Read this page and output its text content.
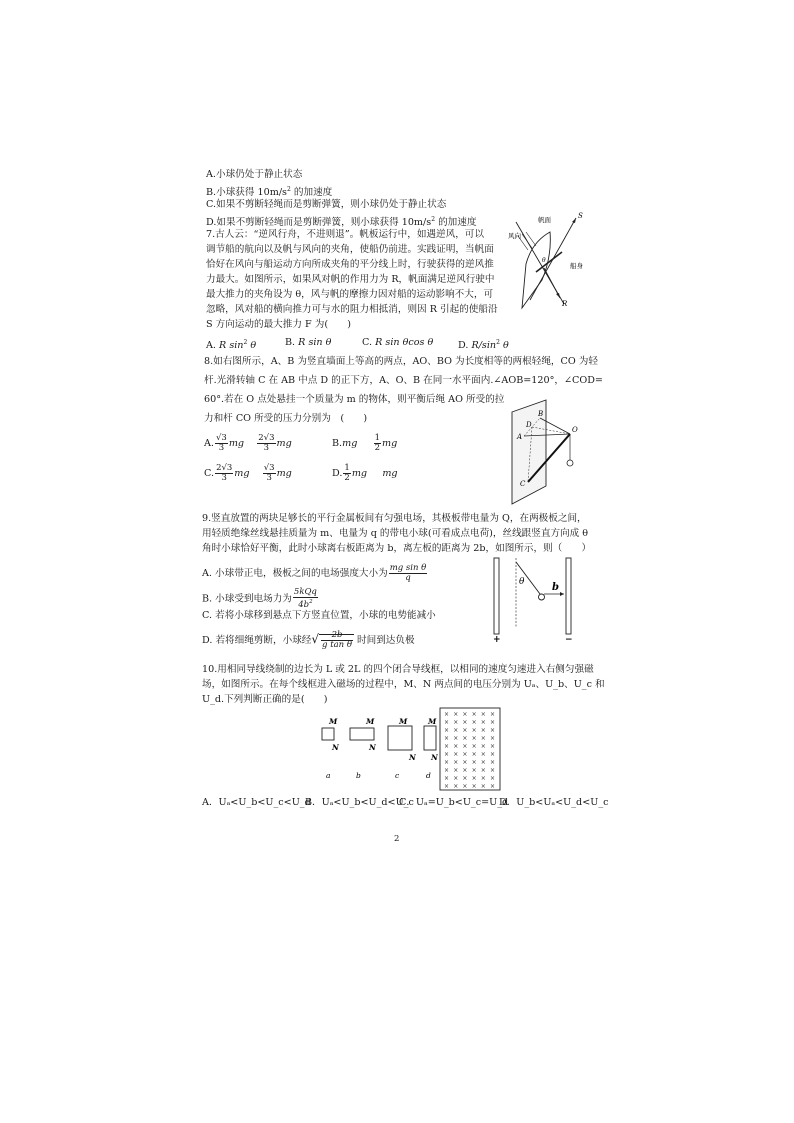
A.小球仍处于静止状态
B.小球获得 $10m/s^2$ 的加速度
C.如果不剪断轻绳而是剪断弹簧，则小球仍处于静止状态
D.如果不剪断轻绳而是剪断弹簧，则小球获得 $10m/s^2$ 的加速度
7.古人云：“逆风行舟，不进则退”。帆板运行中，如遇逆风，可以
调节船的航向以及帆与风向的夹角，使船仍前进。实践证明，当帆面
恰好在风向与船运动方向所成夹角的平分线上时，行驶获得的逆风推
力最大。如图所示，如果风对帆的作用力为 R，帆面满足逆风行驶中
最大推力的夹角设为 θ，风与帆的摩擦力因对船的运动影响不大，可
忽略，风对船的横向推力可与水的阻力相抵消，则因 R 引起的使船沿
S 方向运动的最大推力 F 为(　　)
A. R $\sin^2 \theta$	B. R sin θ	C. R sin θcos θ	D. $R/\sin^2$ θ
风向
帆面
船身
S
R
θ
8.如右图所示，A、B 为竖直墙面上等高的两点，AO、BO 为长度相等的两根轻绳，CO 为轻
杆.光滑转轴 C 在 AB 中点 D 的正下方，A、O、B 在同一水平面内.∠AOB=120°，∠COD=
60°.若在 O 点处悬挂一个质量为 m 的物体，则平衡后绳 AO 所受的拉
力和杆 CO 所受的压力分别为　(　　)
A. $\frac{√3}{3}$ mg $\frac{2√3}{3}$ mg	$B.mg \frac{1}{2}$ mg
C. $\frac{2√3}{3}$ mg $\frac{√3}{3}$ mg	D. $\frac{1}{2}$ mg mg
A
B
D
O
C
9.竖直放置的两块足够长的平行金属板间有匀强电场，其极板带电量为 Q，在两极板之间，
用轻质绝缘丝线悬挂质量为 m、电量为 q 的带电小球(可看成点电荷)，丝线跟竖直方向成 θ
角时小球恰好平衡，此时小球离右板距离为 b，离左板的距离为 2b，如图所示，则（　　）
A. 小球带正电，极板之间的电场强度大小为 $\frac{\text{mg sin θ}}{q}$
B. 小球受到电场力为 $\frac{\text{5kQq}}{4b^2}$
C. 若将小球移到悬点下方竖直位置，小球的电势能减小
D. 若将细绳剪断，小球经√ $\frac{2b}{\text{g tan θ}}$ 时间到达负极
θ	b
+	−
10.用相同导线绕制的边长为 L 或 2L 的四个闭合导线框，以相同的速度匀速进入右侧匀强磁
场，如图所示。在每个线框进入磁场的过程中，M、N 两点间的电压分别为 Uₐ、U_b、U_c 和
U_d.下列判断正确的是(　　)
M
N
a
M
N
b
M
N
c
M
N
d
× × × × × ×
× × × × × ×
× × × × × ×
× × × × × ×
× × × × × ×
× × × × × ×
× × × × × ×
× × × × × ×
× × × × × ×
× × × × × ×
A．Uₐ<U_b<U_c<U_d
B．Uₐ<U_b<U_d<U_c
C．Uₐ=U_b<U_c=U_d
D．U_b<Uₐ<U_d<U_c
2
